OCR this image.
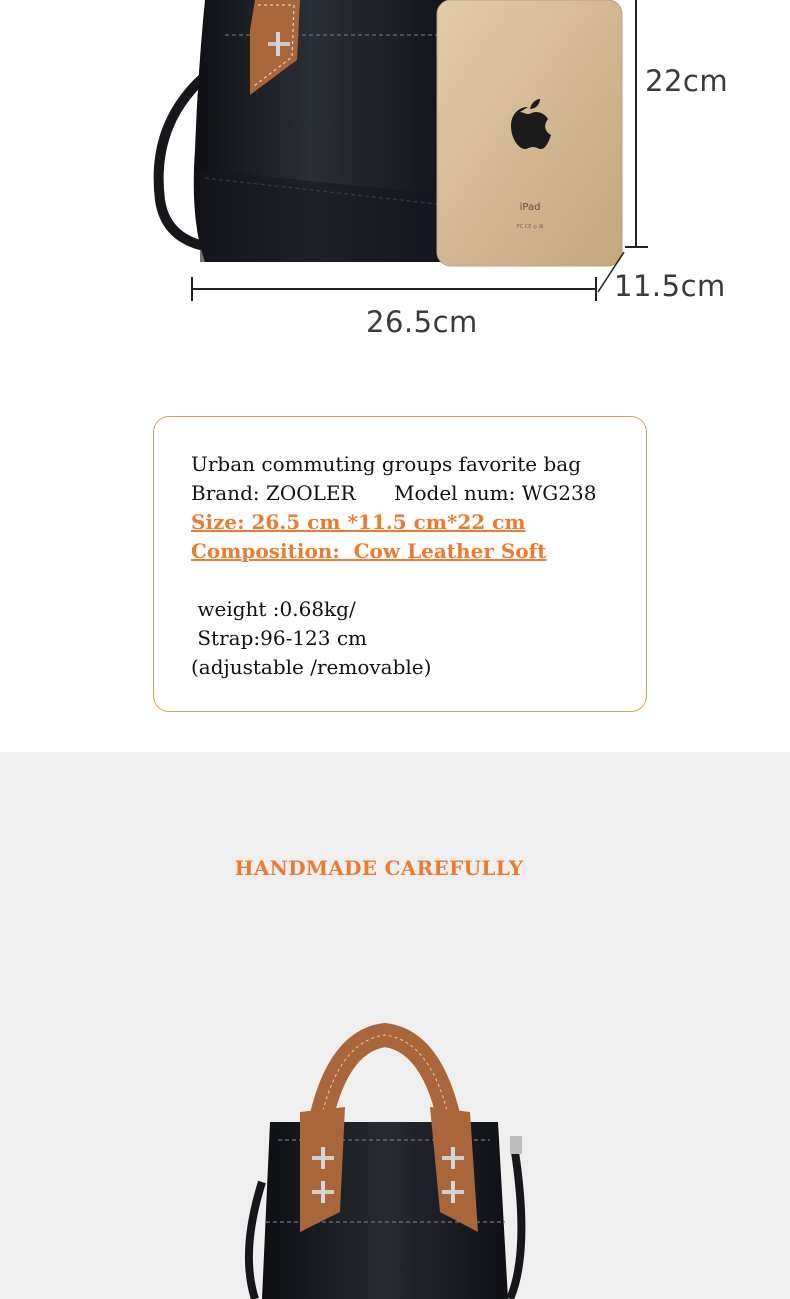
iPad
FC CE ◎ ⊠
22cm
11.5cm
26.5cm
Urban commuting groups favorite bag
Brand: ZOOLER Model num: WG238
Size: 26.5 cm *11.5 cm*22 cm
Composition:  Cow Leather Soft
weight :0.68kg/
Strap:96-123 cm
(adjustable /removable)
HANDMADE CAREFULLY
